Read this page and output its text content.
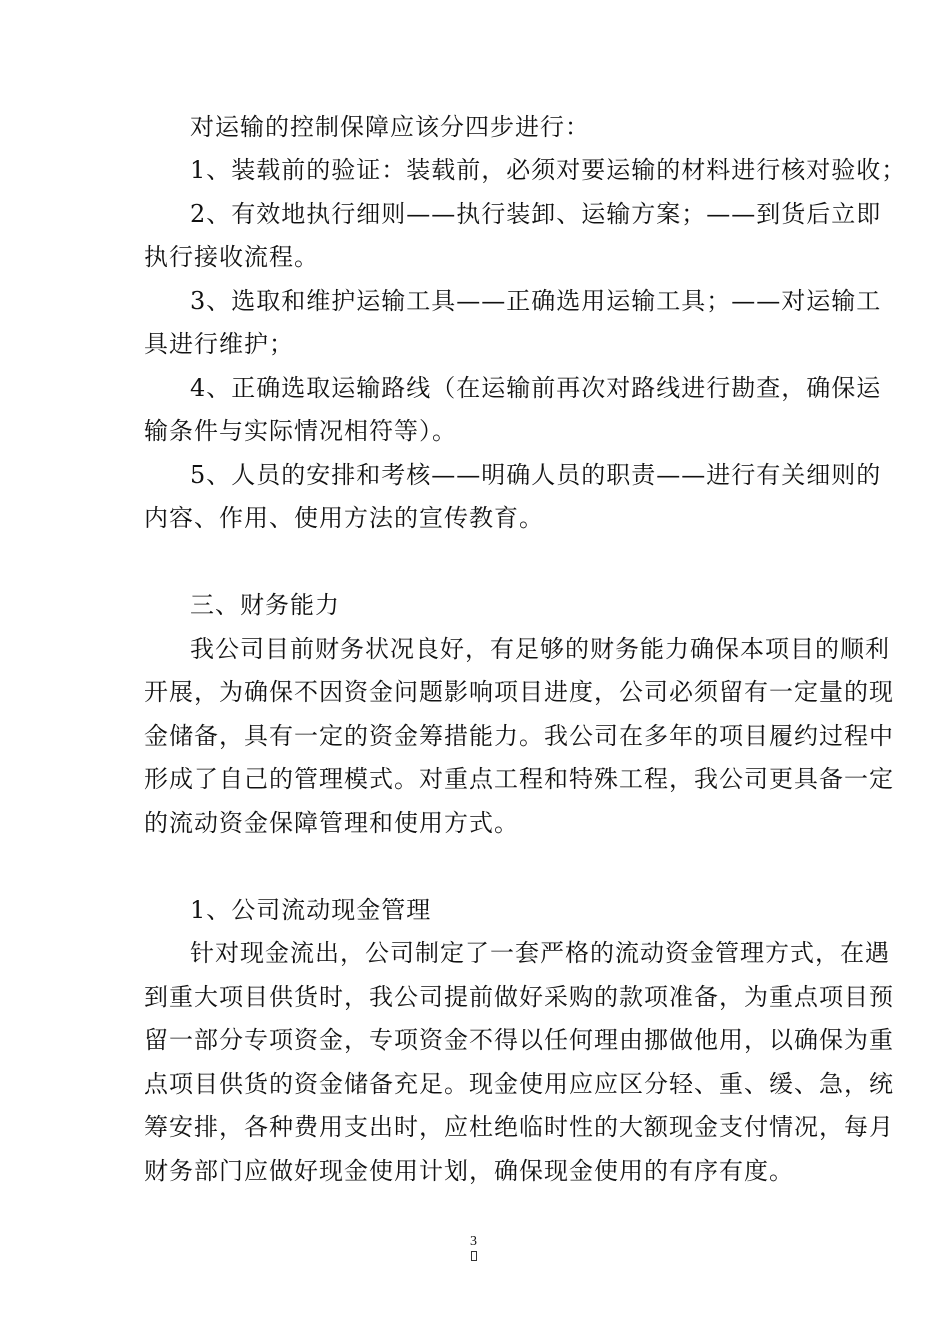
对运输的控制保障应该分四步进行：
1、装载前的验证：装载前，必须对要运输的材料进行核对验收；
2、有效地执行细则——执行装卸、运输方案；——到货后立即
执行接收流程。
3、选取和维护运输工具——正确选用运输工具；——对运输工
具进行维护；
4、正确选取运输路线（在运输前再次对路线进行勘查，确保运
输条件与实际情况相符等）。
5、人员的安排和考核——明确人员的职责——进行有关细则的
内容、作用、使用方法的宣传教育。
三、财务能力
我公司目前财务状况良好，有足够的财务能力确保本项目的顺利
开展，为确保不因资金问题影响项目进度，公司必须留有一定量的现
金储备，具有一定的资金筹措能力。我公司在多年的项目履约过程中
形成了自己的管理模式。对重点工程和特殊工程，我公司更具备一定
的流动资金保障管理和使用方式。
1、公司流动现金管理
针对现金流出，公司制定了一套严格的流动资金管理方式，在遇
到重大项目供货时，我公司提前做好采购的款项准备，为重点项目预
留一部分专项资金，专项资金不得以任何理由挪做他用，以确保为重
点项目供货的资金储备充足。现金使用应应区分轻、重、缓、急，统
筹安排，各种费用支出时，应杜绝临时性的大额现金支付情况，每月
财务部门应做好现金使用计划，确保现金使用的有序有度。
3
